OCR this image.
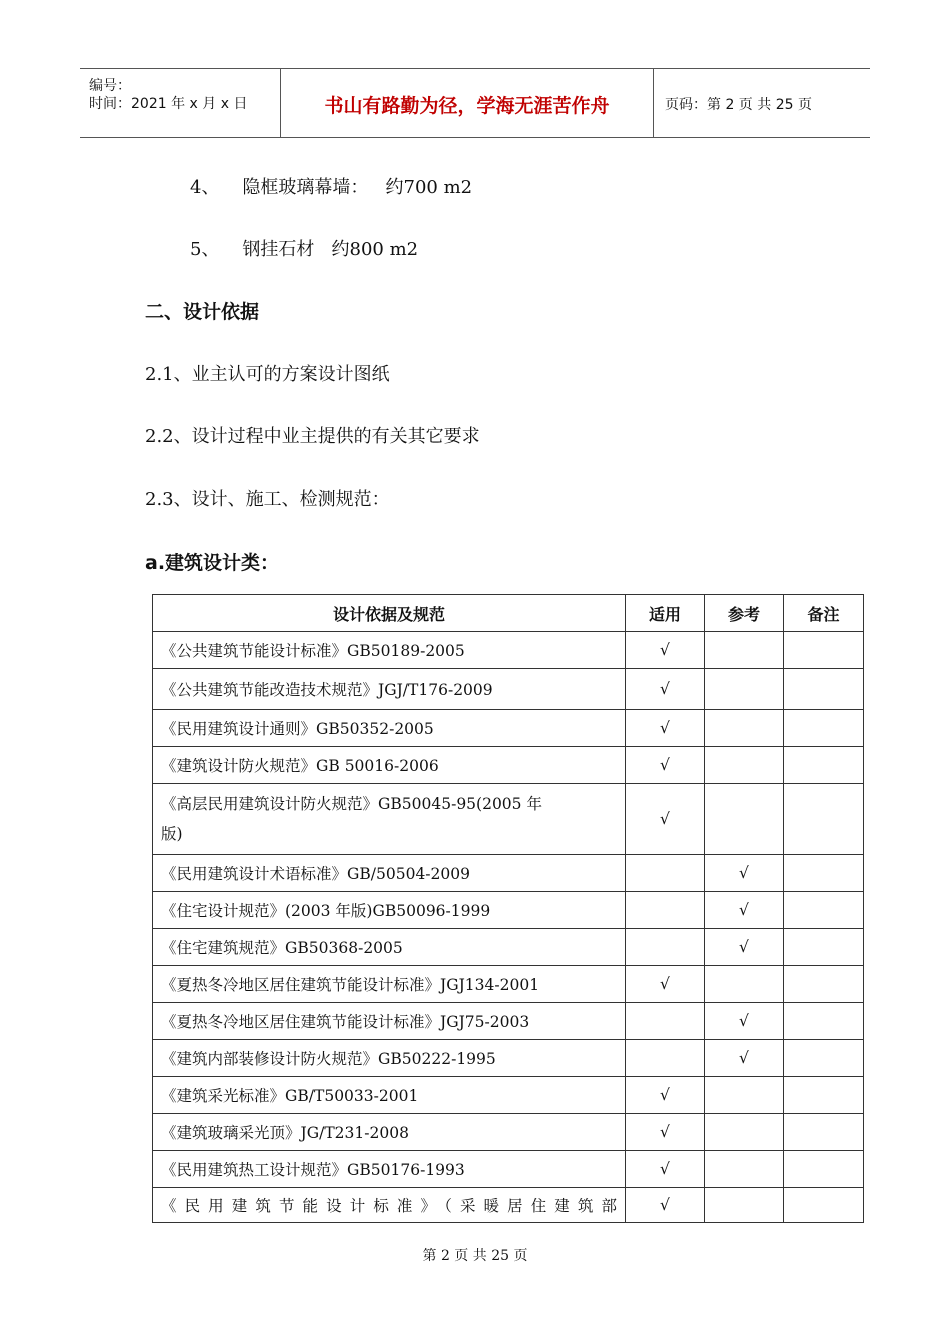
编号：
时间：2021 年 x 月 x 日	书山有路勤为径，学海无涯苦作舟	页码：第 2 页 共 25 页
4、    隐框玻璃幕墙：   约700 m2
5、    钢挂石材   约800 m2
二、设计依据
2.1、业主认可的方案设计图纸
2.2、设计过程中业主提供的有关其它要求
2.3、设计、施工、检测规范：
a.建筑设计类：
设计依据及规范	适用	参考	备注
《公共建筑节能设计标准》GB50189-2005	√		
《公共建筑节能改造技术规范》JGJ/T176-2009	√		
《民用建筑设计通则》GB50352-2005	√		
《建筑设计防火规范》GB 50016-2006	√		
《高层民用建筑设计防火规范》GB50045-95(2005 年
版)	√		
《民用建筑设计术语标准》GB/50504-2009		√	
《住宅设计规范》(2003 年版)GB50096-1999		√	
《住宅建筑规范》GB50368-2005		√	
《夏热冬冷地区居住建筑节能设计标准》JGJ134-2001	√		
《夏热冬冷地区居住建筑节能设计标准》JGJ75-2003		√	
《建筑内部装修设计防火规范》GB50222-1995		√	
《建筑采光标准》GB/T50033-2001	√		
《建筑玻璃采光顶》JG/T231-2008	√		
《民用建筑热工设计规范》GB50176-1993	√		
《民用建筑节能设计标准》（采暖居住建筑部	√		
第 2 页 共 25 页
